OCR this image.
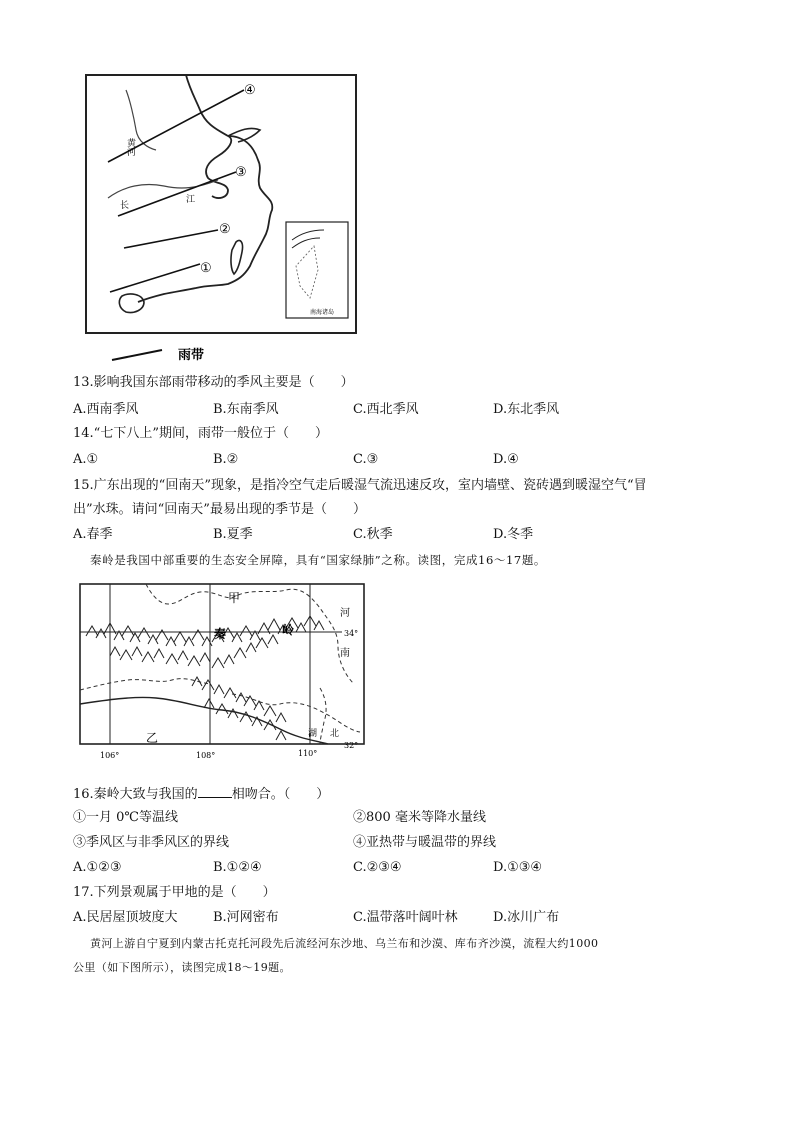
④
③
②
①
黄河
长
江
南海诸岛
雨带
13.影响我国东部雨带移动的季风主要是（　　）
A.西南季风	B.东南季风	C.西北季风	D.东北季风
14.“七下八上”期间，雨带一般位于（　　）
A.①	B.②	C.③	D.④
15.广东出现的“回南天”现象，是指冷空气走后暖湿气流迅速反攻，室内墙壁、瓷砖遇到暖湿空气“冒
出”水珠。请问“回南天”最易出现的季节是（　　）
A.春季	B.夏季	C.秋季	D.冬季
秦岭是我国中部重要的生态安全屏障，具有“国家绿肺”之称。读图，完成16～17题。
甲
乙
秦	岭
河
南
湖 北
34°
32°
106°	108°	110°
16.秦岭大致与我国的	相吻合。（　　）
①一月 0℃等温线	②800 毫米等降水量线
③季风区与非季风区的界线	④亚热带与暖温带的界线
A.①②③	B.①②④	C.②③④	D.①③④
17.下列景观属于甲地的是（　　）
A.民居屋顶坡度大	B.河网密布	C.温带落叶阔叶林	D.冰川广布
黄河上游自宁夏到内蒙古托克托河段先后流经河东沙地、乌兰布和沙漠、库布齐沙漠，流程大约1000
公里（如下图所示），读图完成18～19题。
